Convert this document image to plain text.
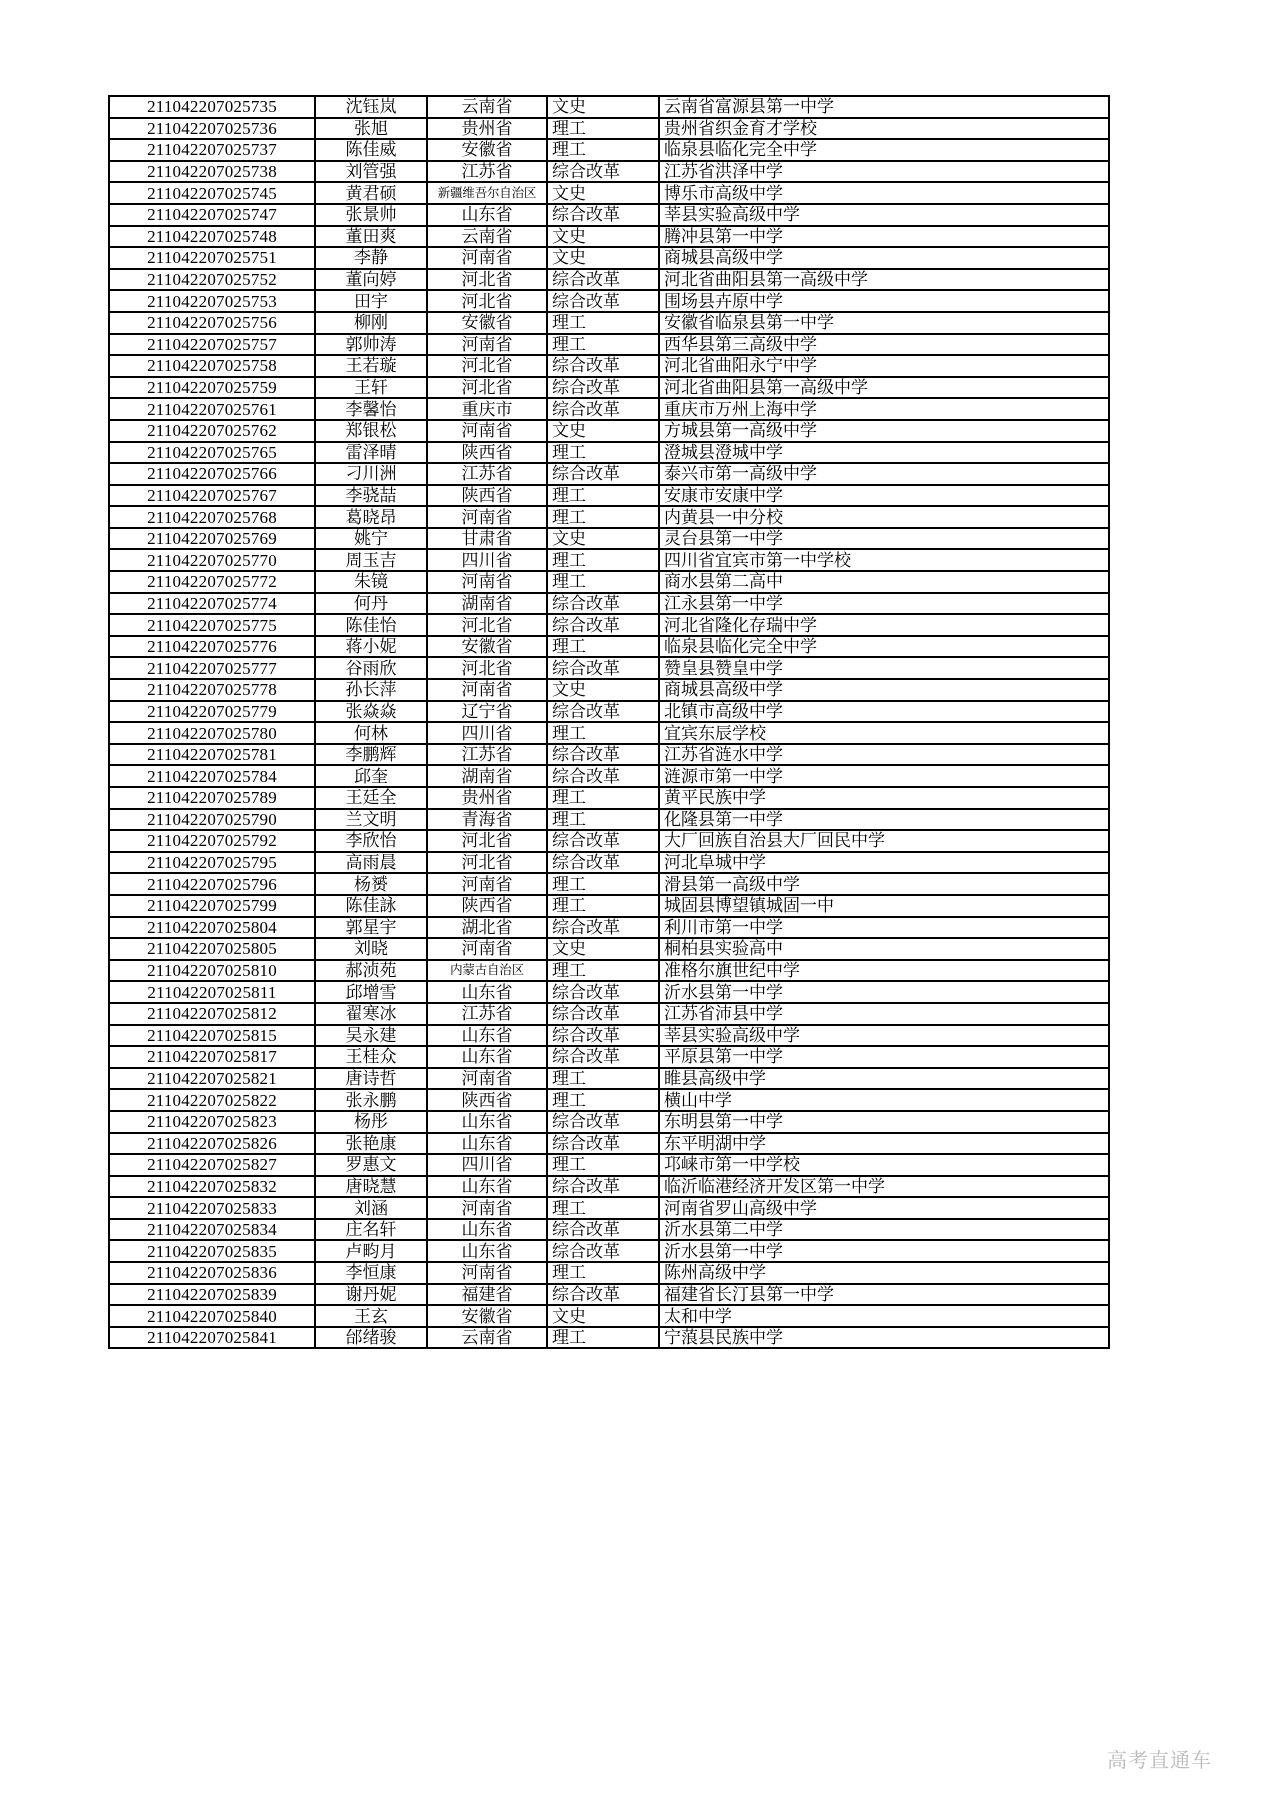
211042207025735	沈钰岚	云南省	文史	云南省富源县第一中学
211042207025736	张旭	贵州省	理工	贵州省织金育才学校
211042207025737	陈佳威	安徽省	理工	临泉县临化完全中学
211042207025738	刘管强	江苏省	综合改革	江苏省洪泽中学
211042207025745	黄君硕	新疆维吾尔自治区	文史	博乐市高级中学
211042207025747	张景帅	山东省	综合改革	莘县实验高级中学
211042207025748	董田爽	云南省	文史	腾冲县第一中学
211042207025751	李静	河南省	文史	商城县高级中学
211042207025752	董向婷	河北省	综合改革	河北省曲阳县第一高级中学
211042207025753	田宇	河北省	综合改革	围场县卉原中学
211042207025756	柳刚	安徽省	理工	安徽省临泉县第一中学
211042207025757	郭帅涛	河南省	理工	西华县第三高级中学
211042207025758	王若璇	河北省	综合改革	河北省曲阳永宁中学
211042207025759	王轩	河北省	综合改革	河北省曲阳县第一高级中学
211042207025761	李馨怡	重庆市	综合改革	重庆市万州上海中学
211042207025762	郑银松	河南省	文史	方城县第一高级中学
211042207025765	雷泽晴	陕西省	理工	澄城县澄城中学
211042207025766	刁川洲	江苏省	综合改革	泰兴市第一高级中学
211042207025767	李骁喆	陕西省	理工	安康市安康中学
211042207025768	葛晓昂	河南省	理工	内黄县一中分校
211042207025769	姚宁	甘肃省	文史	灵台县第一中学
211042207025770	周玉吉	四川省	理工	四川省宜宾市第一中学校
211042207025772	朱镜	河南省	理工	商水县第二高中
211042207025774	何丹	湖南省	综合改革	江永县第一中学
211042207025775	陈佳怡	河北省	综合改革	河北省隆化存瑞中学
211042207025776	蒋小妮	安徽省	理工	临泉县临化完全中学
211042207025777	谷雨欣	河北省	综合改革	赞皇县赞皇中学
211042207025778	孙长萍	河南省	文史	商城县高级中学
211042207025779	张焱焱	辽宁省	综合改革	北镇市高级中学
211042207025780	何林	四川省	理工	宜宾东辰学校
211042207025781	李鹏辉	江苏省	综合改革	江苏省涟水中学
211042207025784	邱奎	湖南省	综合改革	涟源市第一中学
211042207025789	王廷全	贵州省	理工	黄平民族中学
211042207025790	兰文明	青海省	理工	化隆县第一中学
211042207025792	李欣怡	河北省	综合改革	大厂回族自治县大厂回民中学
211042207025795	高雨晨	河北省	综合改革	河北阜城中学
211042207025796	杨赟	河南省	理工	滑县第一高级中学
211042207025799	陈佳詠	陕西省	理工	城固县博望镇城固一中
211042207025804	郭星宇	湖北省	综合改革	利川市第一中学
211042207025805	刘晓	河南省	文史	桐柏县实验高中
211042207025810	郝浈苑	内蒙古自治区	理工	准格尔旗世纪中学
211042207025811	邱增雪	山东省	综合改革	沂水县第一中学
211042207025812	翟寒冰	江苏省	综合改革	江苏省沛县中学
211042207025815	吴永建	山东省	综合改革	莘县实验高级中学
211042207025817	王桂众	山东省	综合改革	平原县第一中学
211042207025821	唐诗哲	河南省	理工	睢县高级中学
211042207025822	张永鹏	陕西省	理工	横山中学
211042207025823	杨彤	山东省	综合改革	东明县第一中学
211042207025826	张艳康	山东省	综合改革	东平明湖中学
211042207025827	罗惠文	四川省	理工	邛崃市第一中学校
211042207025832	唐晓慧	山东省	综合改革	临沂临港经济开发区第一中学
211042207025833	刘涵	河南省	理工	河南省罗山高级中学
211042207025834	庄名轩	山东省	综合改革	沂水县第二中学
211042207025835	卢畇月	山东省	综合改革	沂水县第一中学
211042207025836	李恒康	河南省	理工	陈州高级中学
211042207025839	谢丹妮	福建省	综合改革	福建省长汀县第一中学
211042207025840	王玄	安徽省	文史	太和中学
211042207025841	邰绪骏	云南省	理工	宁蒗县民族中学
高考直通车
